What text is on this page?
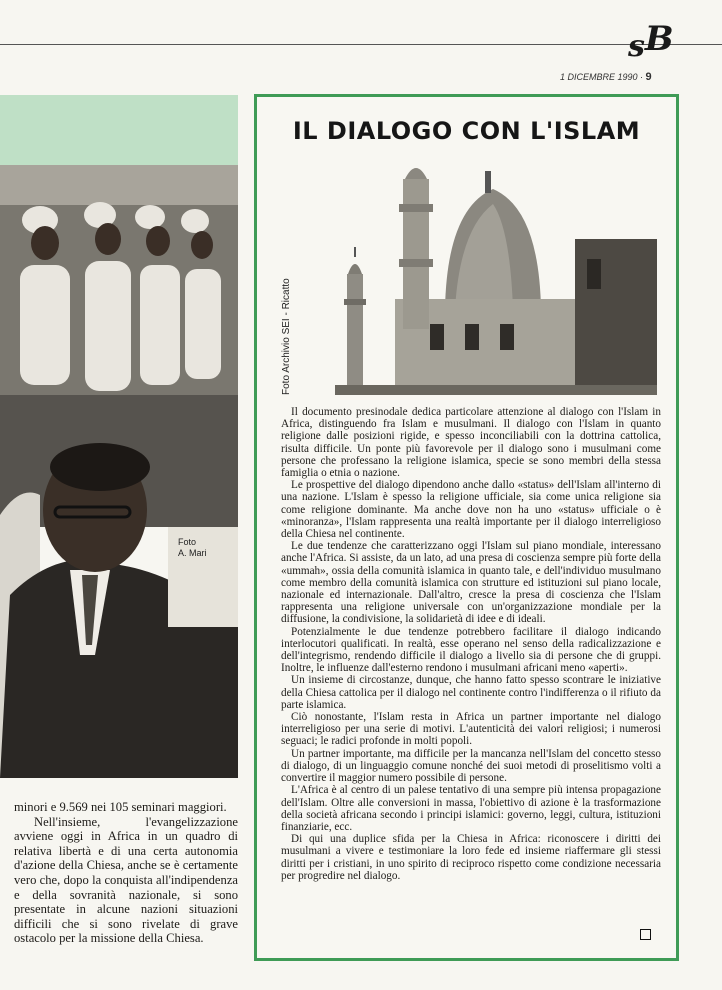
sB
1 DICEMBRE 1990 · 9
Foto
A. Mari

minori e 9.569 nei 105 seminari maggiori.

Nell'insieme, l'evangelizzazione avviene oggi in Africa in un quadro di relativa libertà e di una certa autonomia d'azione della Chiesa, anche se è certamente vero che, dopo la conquista all'indipendenza e della sovranità nazionale, si sono presentate in alcune nazioni situazioni difficili che si sono rivelate di grave ostacolo per la missione della Chiesa.

IL DIALOGO CON L'ISLAM
Foto Archivio SEI - Ricatto

Il documento presinodale dedica particolare attenzione al dialogo con l'Islam in Africa, distinguendo fra Islam e musulmani. Il dialogo con l'Islam in quanto religione dalle posizioni rigide, e spesso inconciliabili con la dottrina cattolica, risulta difficile. Un ponte più favorevole per il dialogo sono i musulmani come persone che professano la religione islamica, specie se sono membri della stessa famiglia o etnia o nazione.

Le prospettive del dialogo dipendono anche dallo «status» dell'Islam all'interno di una nazione. L'Islam è spesso la religione ufficiale, sia come unica religione sia come religione dominante. Ma anche dove non ha uno «status» ufficiale o è «minoranza», l'Islam rappresenta una realtà importante per il dialogo interreligioso della Chiesa nel continente.

Le due tendenze che caratterizzano oggi l'Islam sul piano mondiale, interessano anche l'Africa. Si assiste, da un lato, ad una presa di coscienza sempre più forte della «ummah», ossia della comunità islamica in quanto tale, e dell'individuo musulmano come membro della comunità islamica con strutture ed istituzioni sul piano locale, nazionale ed internazionale. Dall'altro, cresce la presa di coscienza che l'Islam rappresenta una religione universale con un'organizzazione mondiale per la diffusione, la condivisione, la solidarietà di idee e di ideali.

Potenzialmente le due tendenze potrebbero facilitare il dialogo indicando interlocutori qualificati. In realtà, esse operano nel senso della radicalizzazione e dell'integrismo, rendendo difficile il dialogo a livello sia di persone che di gruppi. Inoltre, le influenze dall'esterno rendono i musulmani africani meno «aperti».

Un insieme di circostanze, dunque, che hanno fatto spesso scontrare le iniziative della Chiesa cattolica per il dialogo nel continente contro l'indifferenza o il rifiuto da parte islamica.

Ciò nonostante, l'Islam resta in Africa un partner importante nel dialogo interreligioso per una serie di motivi. L'autenticità dei valori religiosi; i numerosi seguaci; le radici profonde in molti popoli.

Un partner importante, ma difficile per la mancanza nell'Islam del concetto stesso di dialogo, di un linguaggio comune nonché dei suoi metodi di proselitismo volti a convertire il maggior numero possibile di persone.

L'Africa è al centro di un palese tentativo di una sempre più intensa propagazione dell'Islam. Oltre alle conversioni in massa, l'obiettivo di azione è la trasformazione della società africana secondo i principi islamici: governo, leggi, cultura, istituzioni finanziarie, ecc.

Di qui una duplice sfida per la Chiesa in Africa: riconoscere i diritti dei musulmani a vivere e testimoniare la loro fede ed insieme riaffermare gli stessi diritti per i cristiani, in uno spirito di reciproco rispetto come condizione necessaria per progredire nel dialogo.
